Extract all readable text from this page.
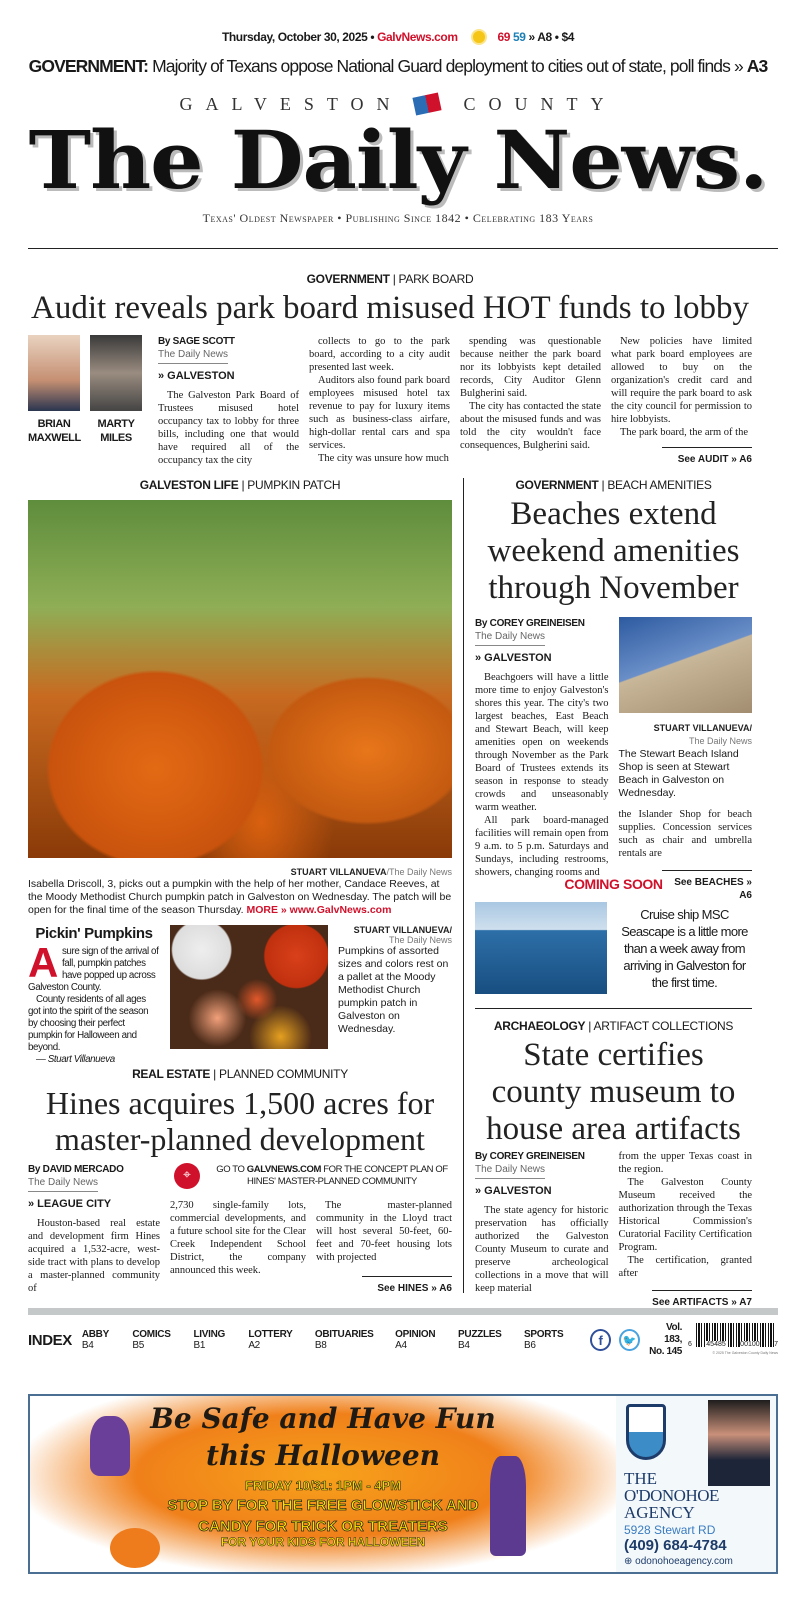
Thursday, October 30, 2025 • GalvNews.com	69 59 » A8 • $4
GOVERNMENT: Majority of Texans oppose National Guard deployment to cities out of state, poll finds » A3
GALVESTON	COUNTY
The Daily News.
Texas' Oldest Newspaper • Publishing Since 1842 • Celebrating 183 Years
GOVERNMENT | PARK BOARD
Audit reveals park board misused HOT funds to lobby
BRIAN
MAXWELL
MARTY
MILES
By SAGE SCOTT
The Daily News
» GALVESTON

The Galveston Park Board of Trustees misused hotel occupancy tax to lobby for three bills, including one that would have required all of the occupancy tax the city

collects to go to the park board, according to a city audit presented last week.

Auditors also found park board employees misused hotel tax revenue to pay for luxury items such as business-class airfare, high-dollar rental cars and spa services.

The city was unsure how much

spending was questionable because neither the park board nor its lobbyists kept detailed records, City Auditor Glenn Bulgherini said.

The city has contacted the state about the misused funds and was told the city wouldn't face consequences, Bulgherini said.

New policies have limited what park board employees are allowed to buy on the organization's credit card and will require the park board to ask the city council for permission to hire lobbyists.

The park board, the arm of the

See AUDIT » A6
GALVESTON LIFE | PUMPKIN PATCH
STUART VILLANUEVA/The Daily News
Isabella Driscoll, 3, picks out a pumpkin with the help of her mother, Candace Reeves, at the Moody Methodist Church pumpkin patch in Galveston on Wednesday. The patch will be open for the final time of the season Thursday. MORE » www.GalvNews.com
Pickin' Pumpkins
A sure sign of the arrival of fall, pumpkin patches have popped up across Galveston County.
County residents of all ages got into the spirit of the season by choosing their perfect pumpkin for Halloween and beyond.
— Stuart Villanueva
STUART VILLANUEVA/
The Daily News
Pumpkins of assorted sizes and colors rest on a pallet at the Moody Methodist Church pumpkin patch in Galveston on Wednesday.
GOVERNMENT | BEACH AMENITIES
Beaches extend weekend amenities through November
By COREY GREINEISEN
The Daily News
» GALVESTON

Beachgoers will have a little more time to enjoy Galveston's shores this year. The city's two largest beaches, East Beach and Stewart Beach, will keep amenities open on weekends through November as the Park Board of Trustees extends its season in response to steady crowds and unseasonably warm weather.

All park board-managed facilities will remain open from 9 a.m. to 5 p.m. Saturdays and Sundays, including restrooms, showers, changing rooms and

STUART VILLANUEVA/
The Daily News
The Stewart Beach Island Shop is seen at Stewart Beach in Galveston on Wednesday.

the Islander Shop for beach supplies. Concession services such as chair and umbrella rentals are

See BEACHES » A6
COMING SOON
Cruise ship MSC Seascape is a little more than a week away from arriving in Galveston for the first time.
ARCHAEOLOGY | ARTIFACT COLLECTIONS
State certifies county museum to house area artifacts
By COREY GREINEISEN
The Daily News
» GALVESTON

The state agency for historic preservation has officially authorized the Galveston County Museum to curate and preserve archeological collections in a move that will keep material

from the upper Texas coast in the region.

The Galveston County Museum received the authorization through the Texas Historical Commission's Curatorial Facility Certification Program.

The certification, granted after

See ARTIFACTS » A7
REAL ESTATE | PLANNED COMMUNITY
Hines acquires 1,500 acres for master-planned development
By DAVID MERCADO
The Daily News
» LEAGUE CITY

Houston-based real estate and development firm Hines acquired a 1,532-acre, west-side tract with plans to develop a master-planned community of

⌖	GO TO GALVNEWS.COM FOR THE CONCEPT PLAN OF HINES' MASTER-PLANNED COMMUNITY

2,730 single-family lots, commercial developments, and a future school site for the Clear Creek Independent School District, the company announced this week.

The master-planned community in the Lloyd tract will host several 50-feet, 60-feet and 70-feet housing lots with projected

See HINES » A6
INDEX ABBY B4
COMICS B5
LIVING B1
LOTTERY A2
OBITUARIES B8
OPINION A4
PUZZLES B4
SPORTS B6	f	🐦
Vol. 183,
No. 145
6 45485 00100 7
© 2025 The Galveston County Daily News
Be Safe and Have Fun
this Halloween
FRIDAY 10/31: 1PM - 4PM
STOP BY FOR THE FREE GLOWSTICK AND
CANDY FOR TRICK OR TREATERS
FOR YOUR KIDS FOR HALLOWEEN
THE
O'DONOHOE
AGENCY
5928 Stewart RD
(409) 684-4784
⊕ odonohoeagency.com
